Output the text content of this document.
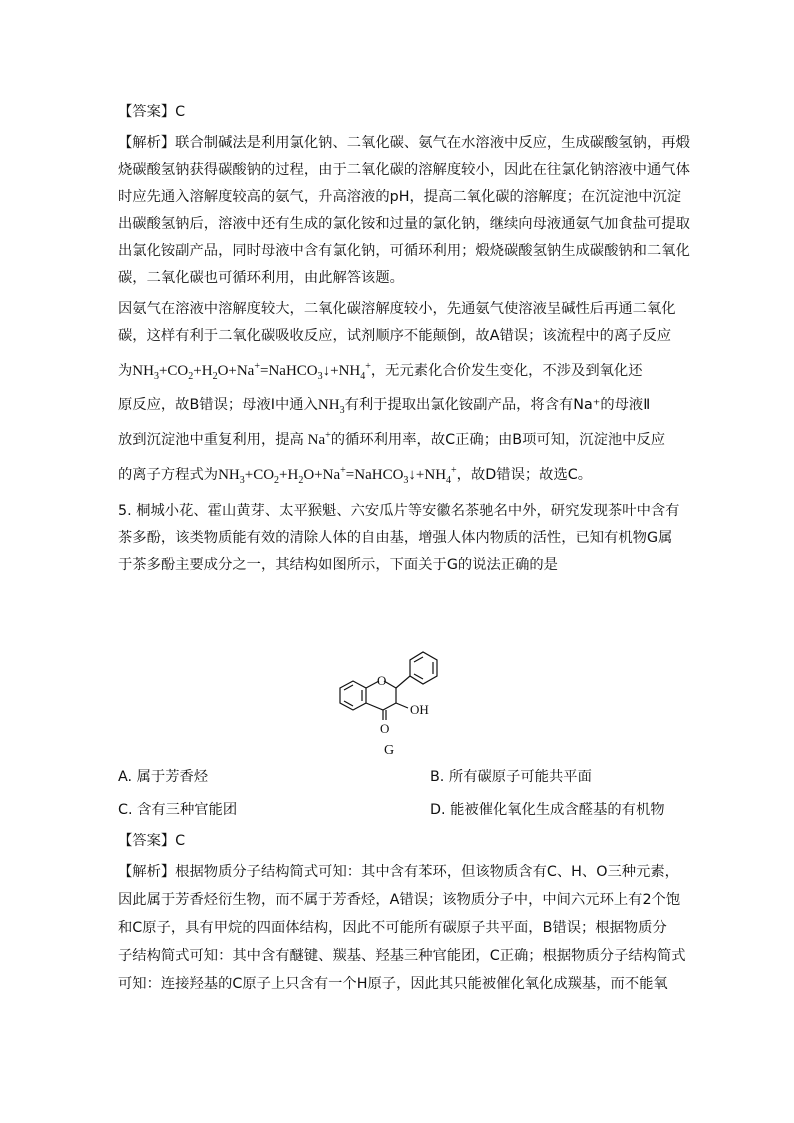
【答案】C
【解析】联合制碱法是利用氯化钠、二氧化碳、氨气在水溶液中反应，生成碳酸氢钠，再煅
烧碳酸氢钠获得碳酸钠的过程，由于二氧化碳的溶解度较小，因此在往氯化钠溶液中通气体
时应先通入溶解度较高的氨气，升高溶液的pH，提高二氧化碳的溶解度；在沉淀池中沉淀
出碳酸氢钠后，溶液中还有生成的氯化铵和过量的氯化钠，继续向母液通氨气加食盐可提取
出氯化铵副产品，同时母液中含有氯化钠，可循环利用；煅烧碳酸氢钠生成碳酸钠和二氧化
碳，二氧化碳也可循环利用，由此解答该题。
因氨气在溶液中溶解度较大，二氧化碳溶解度较小，先通氨气使溶液呈碱性后再通二氧化
碳，这样有利于二氧化碳吸收反应，试剂顺序不能颠倒，故A错误；该流程中的离子反应
为$NH_3+CO_2+H_2O+Na^+=NaHCO_3↓+NH_4^+$，无元素化合价发生变化，不涉及到氧化还
原反应，故B错误；母液Ⅰ中通入$NH_3$有利于提取出氯化铵副产品，将含有Na⁺的母液Ⅱ
放到沉淀池中重复利用，提高 Na+的循环利用率，故C正确；由B项可知，沉淀池中反应
的离子方程式为$NH_3+CO_2+H_2O+Na^+=NaHCO_3↓+NH_4^+$，故D错误；故选C。
5. 桐城小花、霍山黄芽、太平猴魁、六安瓜片等安徽名茶驰名中外，研究发现茶叶中含有
茶多酚，该类物质能有效的清除人体的自由基，增强人体内物质的活性，已知有机物G属
于茶多酚主要成分之一，其结构如图所示，下面关于G的说法正确的是
O
OH
O
G
A. 属于芳香烃	B. 所有碳原子可能共平面
C. 含有三种官能团	D. 能被催化氧化生成含醛基的有机物
【答案】C
【解析】根据物质分子结构简式可知：其中含有苯环，但该物质含有C、H、O三种元素，
因此属于芳香烃衍生物，而不属于芳香烃，A错误；该物质分子中，中间六元环上有2个饱
和C原子，具有甲烷的四面体结构，因此不可能所有碳原子共平面，B错误；根据物质分
子结构简式可知：其中含有醚键、羰基、羟基三种官能团，C正确；根据物质分子结构简式
可知：连接羟基的C原子上只含有一个H原子，因此其只能被催化氧化成羰基，而不能氧
